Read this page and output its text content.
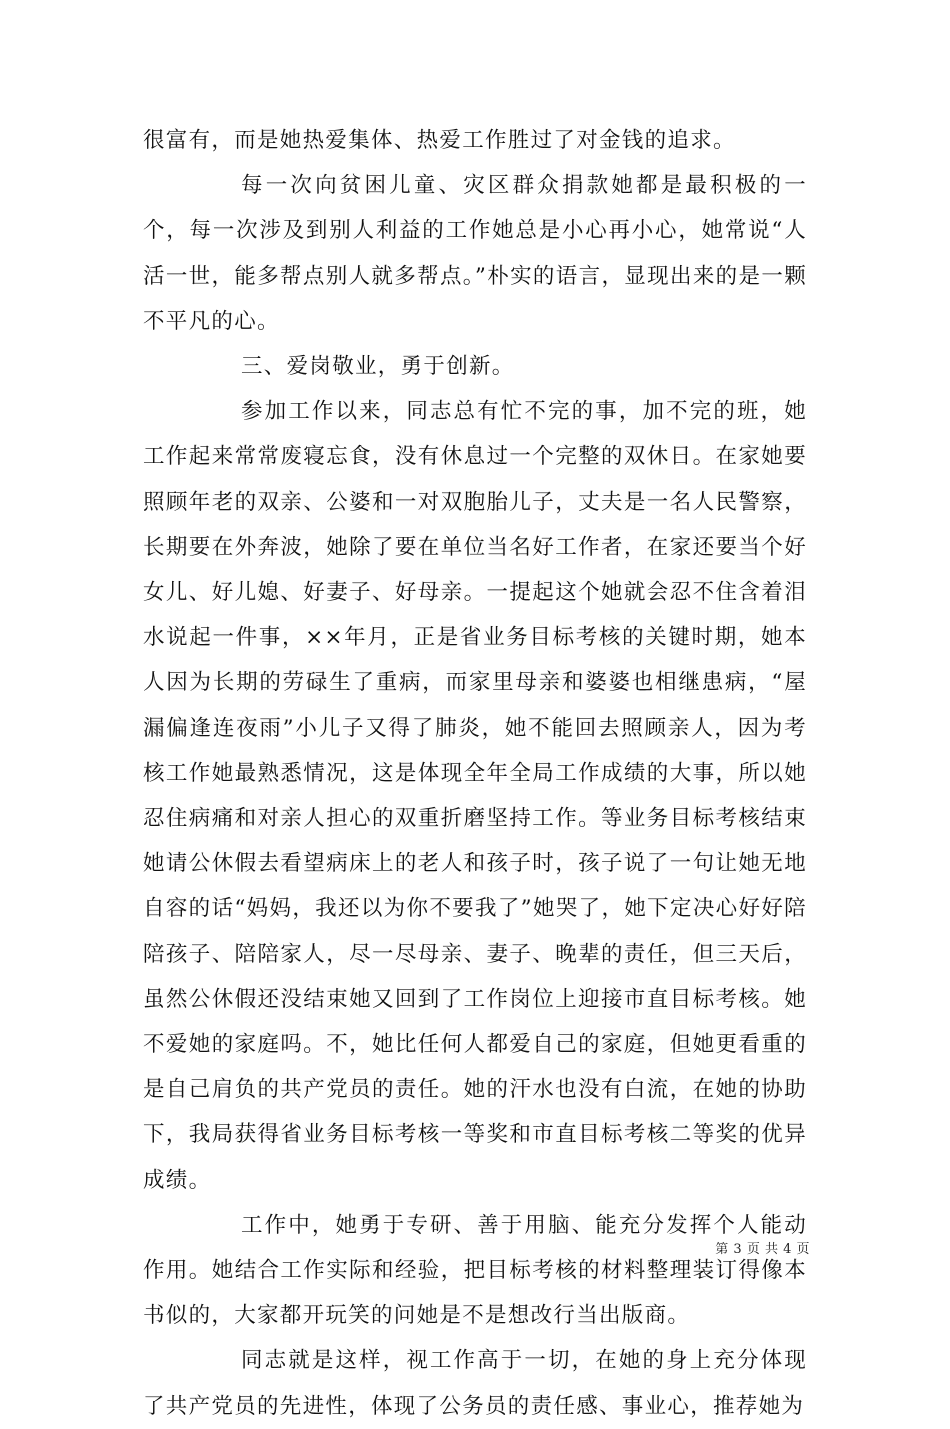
很富有，而是她热爱集体、热爱工作胜过了对金钱的追求。

每一次向贫困儿童、灾区群众捐款她都是最积极的一个，每一次涉及到别人利益的工作她总是小心再小心，她常说“人活一世，能多帮点别人就多帮点。”朴实的语言，显现出来的是一颗不平凡的心。

三、爱岗敬业，勇于创新。

参加工作以来，同志总有忙不完的事，加不完的班，她工作起来常常废寝忘食，没有休息过一个完整的双休日。在家她要照顾年老的双亲、公婆和一对双胞胎儿子，丈夫是一名人民警察，长期要在外奔波，她除了要在单位当名好工作者，在家还要当个好女儿、好儿媳、好妻子、好母亲。一提起这个她就会忍不住含着泪水说起一件事，××年月，正是省业务目标考核的关键时期，她本人因为长期的劳碌生了重病，而家里母亲和婆婆也相继患病，“屋漏偏逢连夜雨”小儿子又得了肺炎，她不能回去照顾亲人，因为考核工作她最熟悉情况，这是体现全年全局工作成绩的大事，所以她忍住病痛和对亲人担心的双重折磨坚持工作。等业务目标考核结束她请公休假去看望病床上的老人和孩子时，孩子说了一句让她无地自容的话“妈妈，我还以为你不要我了”她哭了，她下定决心好好陪陪孩子、陪陪家人，尽一尽母亲、妻子、晚辈的责任，但三天后，虽然公休假还没结束她又回到了工作岗位上迎接市直目标考核。她不爱她的家庭吗。不，她比任何人都爱自己的家庭，但她更看重的是自己肩负的共产党员的责任。她的汗水也没有白流，在她的协助下，我局获得省业务目标考核一等奖和市直目标考核二等奖的优异成绩。

工作中，她勇于专研、善于用脑、能充分发挥个人能动作用。她结合工作实际和经验，把目标考核的材料整理装订得像本书似的，大家都开玩笑的问她是不是想改行当出版商。

同志就是这样，视工作高于一切，在她的身上充分体现了共产党员的先进性，体现了公务员的责任感、事业心，推荐她为

第 3 页 共 4 页
